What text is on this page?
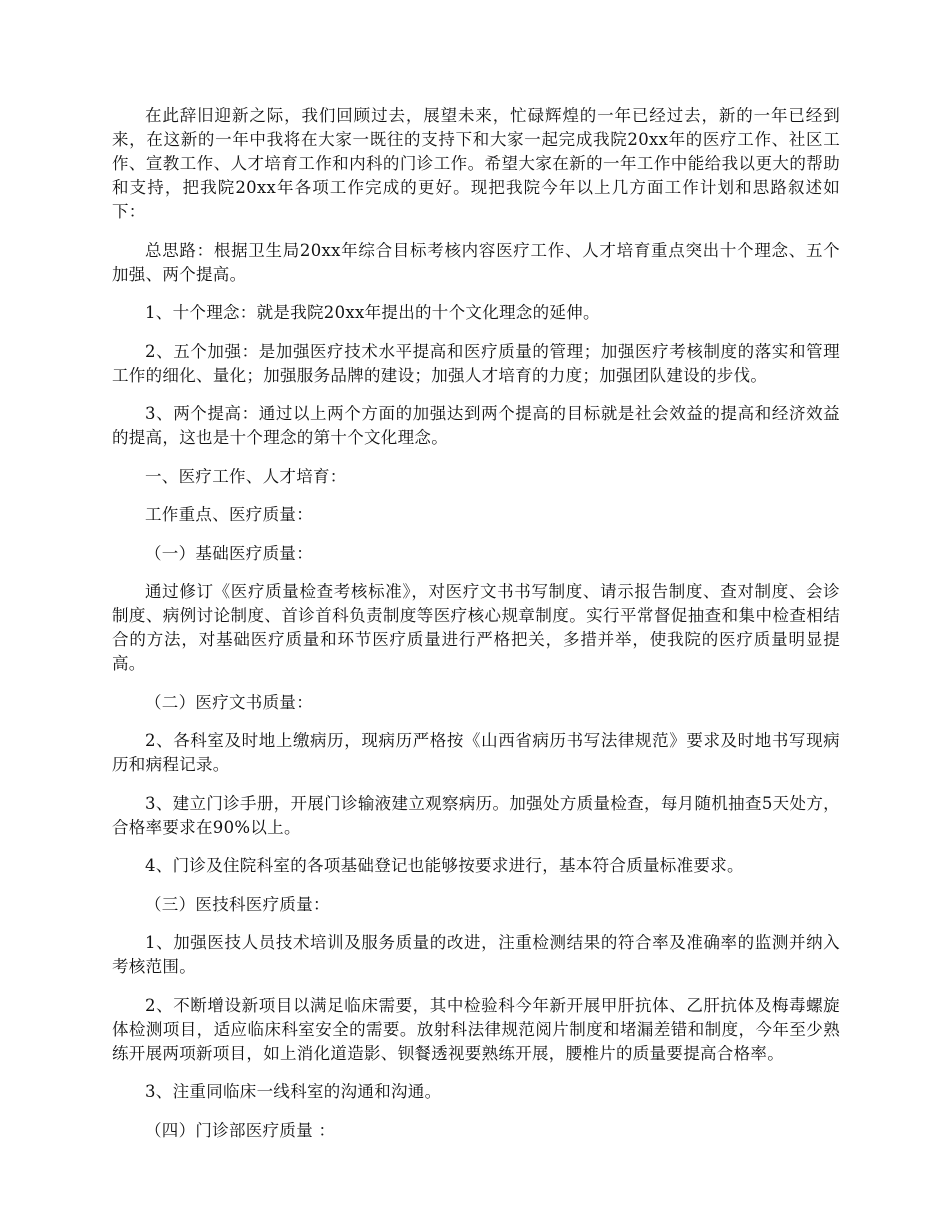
在此辞旧迎新之际，我们回顾过去，展望未来，忙碌辉煌的一年已经过去，新的一年已经到来，在这新的一年中我将在大家一既往的支持下和大家一起完成我院20xx年的医疗工作、社区工作、宣教工作、人才培育工作和内科的门诊工作。希望大家在新的一年工作中能给我以更大的帮助和支持，把我院20xx年各项工作完成的更好。现把我院今年以上几方面工作计划和思路叙述如下：

总思路：根据卫生局20xx年综合目标考核内容医疗工作、人才培育重点突出十个理念、五个加强、两个提高。

1、十个理念：就是我院20xx年提出的十个文化理念的延伸。

2、五个加强：是加强医疗技术水平提高和医疗质量的管理；加强医疗考核制度的落实和管理工作的细化、量化；加强服务品牌的建设；加强人才培育的力度；加强团队建设的步伐。

3、两个提高：通过以上两个方面的加强达到两个提高的目标就是社会效益的提高和经济效益的提高，这也是十个理念的第十个文化理念。

一、医疗工作、人才培育：

工作重点、医疗质量：

（一）基础医疗质量：

通过修订《医疗质量检查考核标准》，对医疗文书书写制度、请示报告制度、查对制度、会诊制度、病例讨论制度、首诊首科负责制度等医疗核心规章制度。实行平常督促抽查和集中检查相结合的方法，对基础医疗质量和环节医疗质量进行严格把关，多措并举，使我院的医疗质量明显提高。

（二）医疗文书质量：

2、各科室及时地上缴病历，现病历严格按《山西省病历书写法律规范》要求及时地书写现病历和病程记录。

3、建立门诊手册，开展门诊输液建立观察病历。加强处方质量检查，每月随机抽查5天处方，合格率要求在90%以上。

4、门诊及住院科室的各项基础登记也能够按要求进行，基本符合质量标准要求。

（三）医技科医疗质量：

1、加强医技人员技术培训及服务质量的改进，注重检测结果的符合率及准确率的监测并纳入考核范围。

2、不断增设新项目以满足临床需要，其中检验科今年新开展甲肝抗体、乙肝抗体及梅毒螺旋体检测项目，适应临床科室安全的需要。放射科法律规范阅片制度和堵漏差错和制度，今年至少熟练开展两项新项目，如上消化道造影、钡餐透视要熟练开展，腰椎片的质量要提高合格率。

3、注重同临床一线科室的沟通和沟通。

（四）门诊部医疗质量 ：
